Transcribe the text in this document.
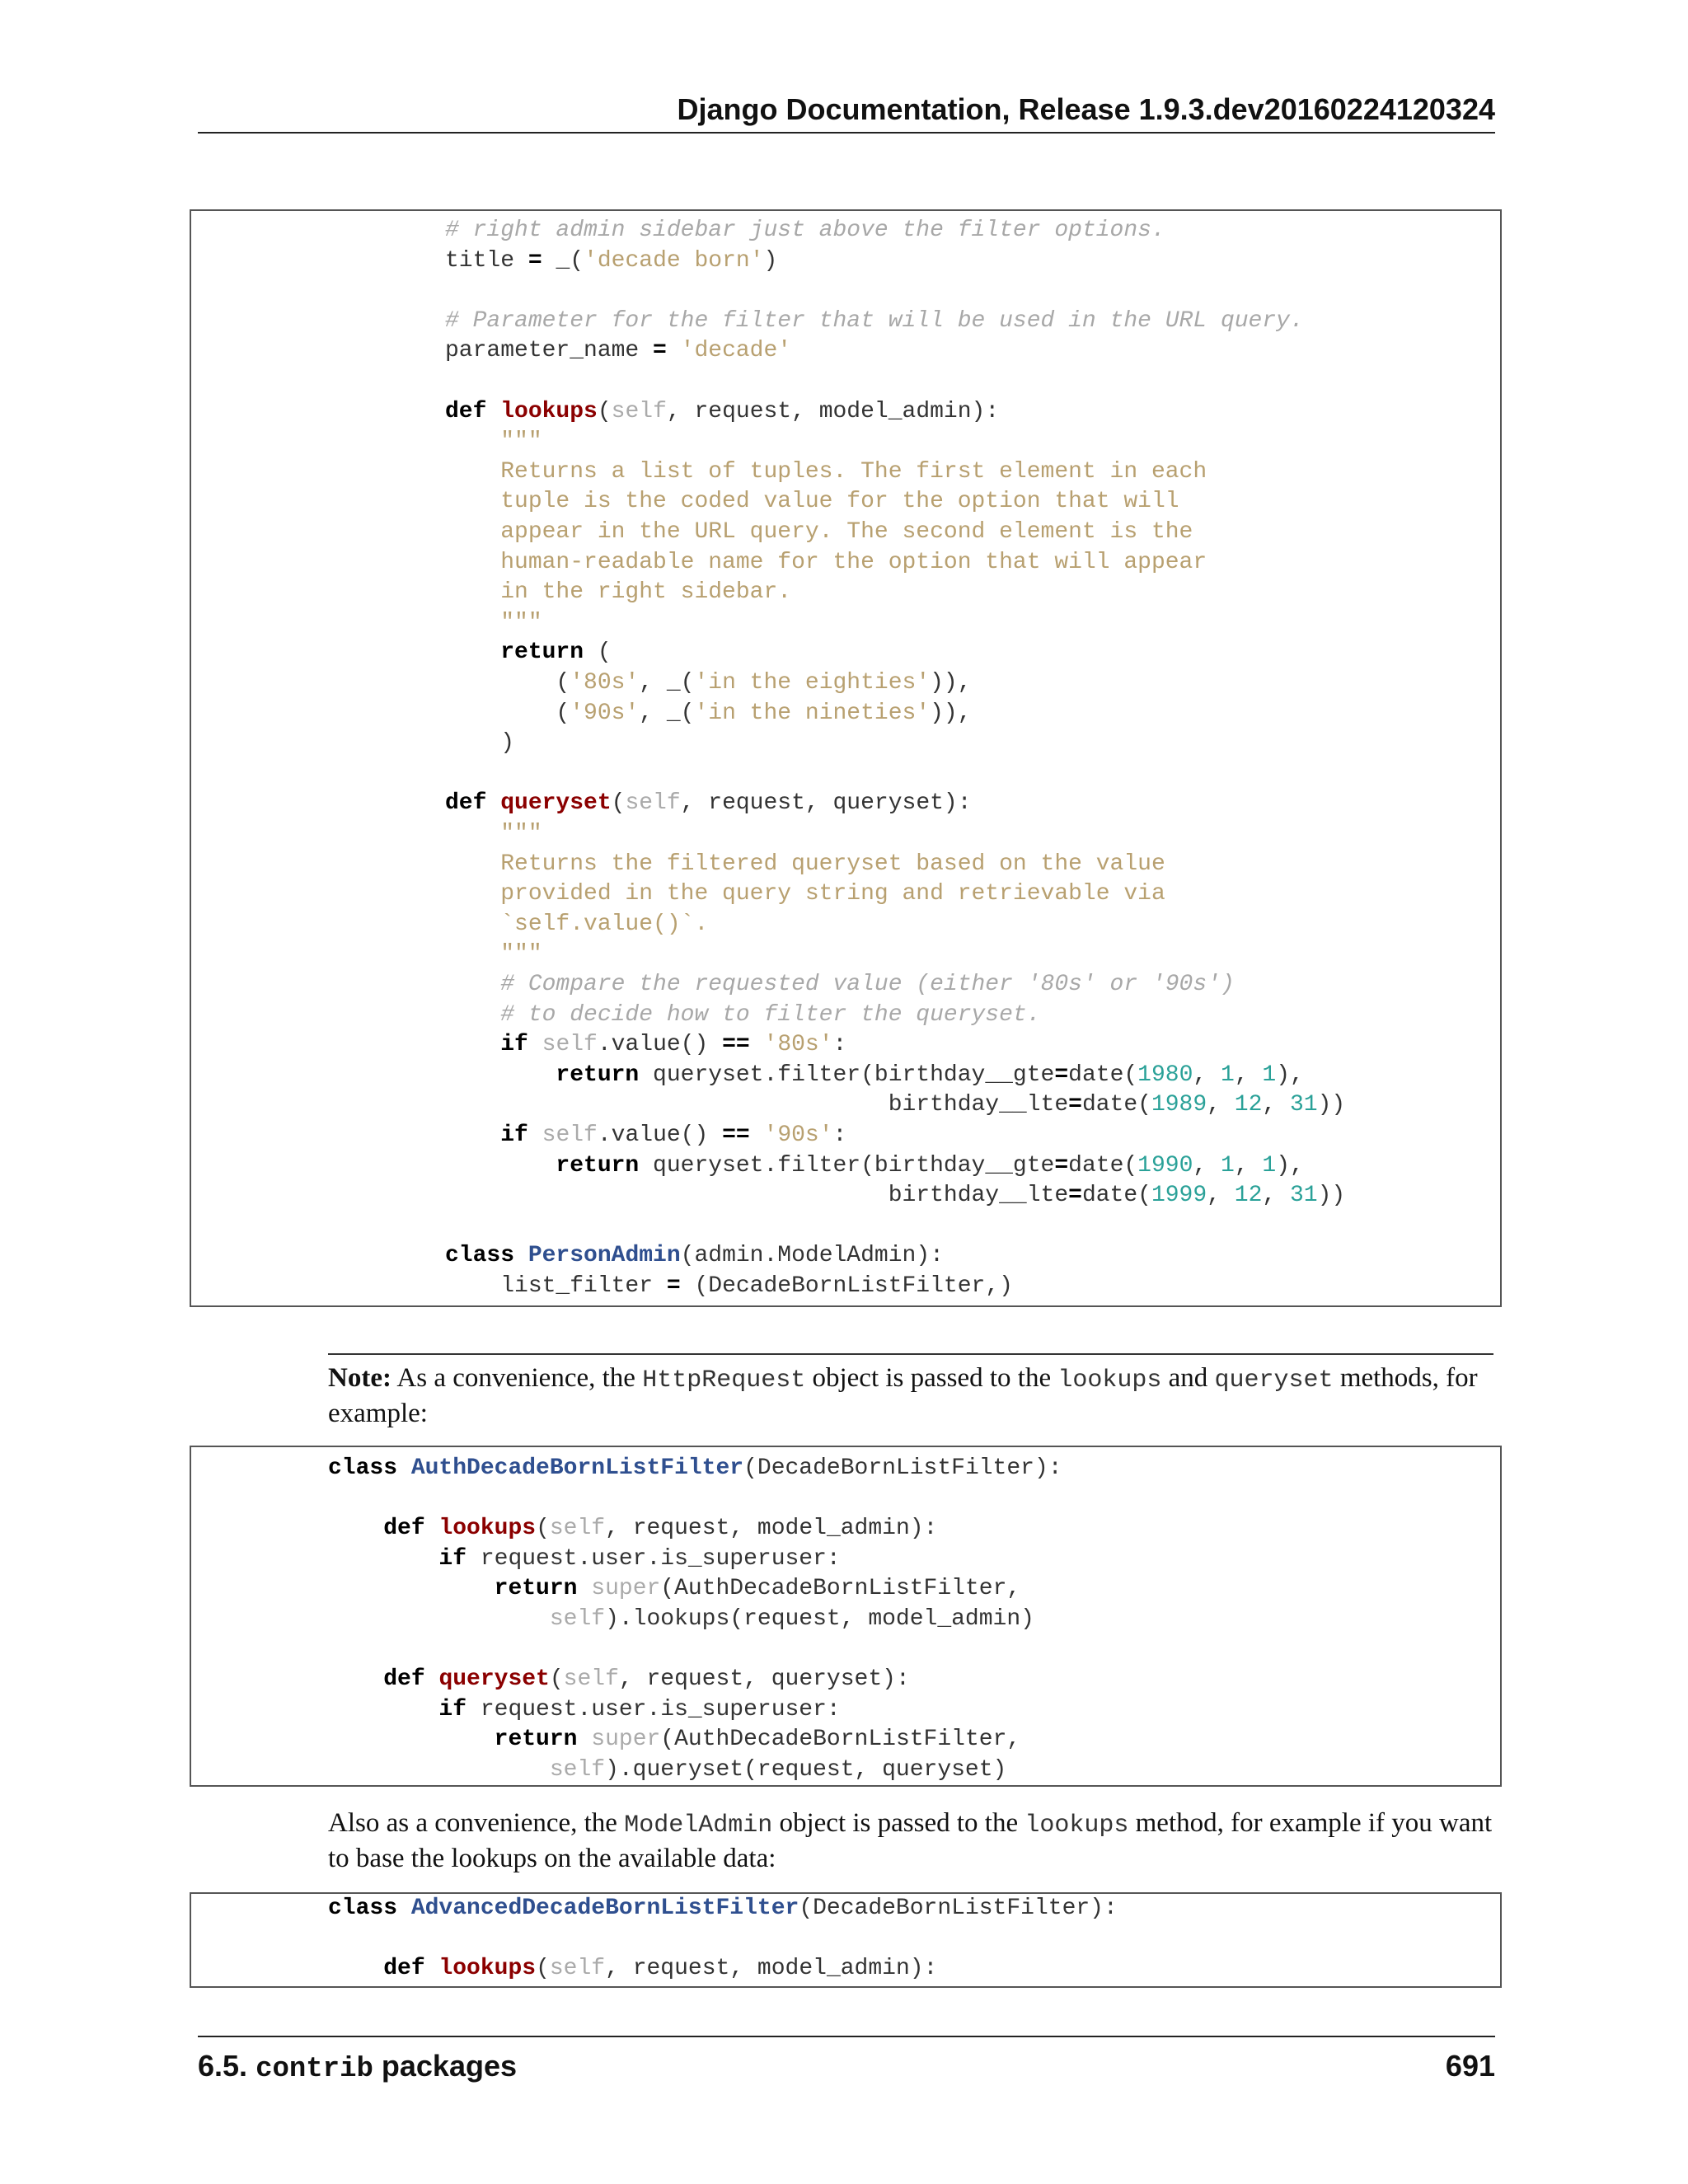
Django Documentation, Release 1.9.3.dev20160224120324
# right admin sidebar just above the filter options.
title = _('decade born')
# Parameter for the filter that will be used in the URL query.
parameter_name = 'decade'
def lookups(self, request, model_admin):
"""
Returns a list of tuples. The first element in each
tuple is the coded value for the option that will
appear in the URL query. The second element is the
human-readable name for the option that will appear
in the right sidebar.
"""
return (
('80s', _('in the eighties')),
('90s', _('in the nineties')),
)
def queryset(self, request, queryset):
"""
Returns the filtered queryset based on the value
provided in the query string and retrievable via
`self.value()`.
"""
# Compare the requested value (either '80s' or '90s')
# to decide how to filter the queryset.
if self.value() == '80s':
return queryset.filter(birthday__gte=date(1980, 1, 1),
birthday__lte=date(1989, 12, 31))
if self.value() == '90s':
return queryset.filter(birthday__gte=date(1990, 1, 1),
birthday__lte=date(1999, 12, 31))
class PersonAdmin(admin.ModelAdmin):
list_filter = (DecadeBornListFilter,)
Note: As a convenience, the HttpRequest object is passed to the lookups and queryset methods, for example:
class AuthDecadeBornListFilter(DecadeBornListFilter):
def lookups(self, request, model_admin):
if request.user.is_superuser:
return super(AuthDecadeBornListFilter,
self).lookups(request, model_admin)
def queryset(self, request, queryset):
if request.user.is_superuser:
return super(AuthDecadeBornListFilter,
self).queryset(request, queryset)
Also as a convenience, the ModelAdmin object is passed to the lookups method, for example if you want to base the lookups on the available data:
class AdvancedDecadeBornListFilter(DecadeBornListFilter):
def lookups(self, request, model_admin):
6.5. contrib packages	691
